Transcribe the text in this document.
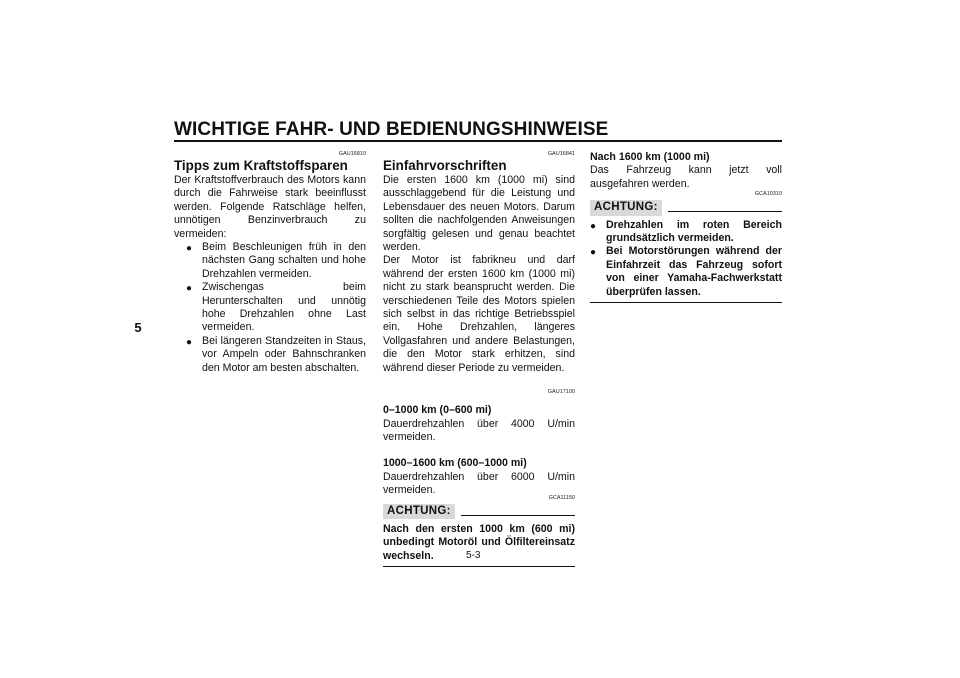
WICHTIGE FAHR- UND BEDIENUNGSHINWEISE
5
GAU16810
Tipps zum Kraftstoffsparen

Der Kraftstoffverbrauch des Motors kann durch die Fahrweise stark beeinflusst werden. Folgende Ratschläge helfen, unnötigen Benzinverbrauch zu vermeiden:

● Beim Beschleunigen früh in den nächsten Gang schalten und hohe Drehzahlen vermeiden.
● Zwischengas beim Herunterschalten und unnötig hohe Drehzahlen ohne Last vermeiden.
● Bei längeren Standzeiten in Staus, vor Ampeln oder Bahnschranken den Motor am besten abschalten.
GAU16841
Einfahrvorschriften

Die ersten 1600 km (1000 mi) sind ausschlaggebend für die Leistung und Lebensdauer des neuen Motors. Darum sollten die nachfolgenden Anweisungen sorgfältig gelesen und genau beachtet werden.

Der Motor ist fabrikneu und darf während der ersten 1600 km (1000 mi) nicht zu stark beansprucht werden. Die verschiedenen Teile des Motors spielen sich selbst in das richtige Betriebsspiel ein. Hohe Drehzahlen, längeres Vollgasfahren und andere Belastungen, die den Motor stark erhitzen, sind während dieser Periode zu vermeiden.

GAU17100

0–1000 km (0–600 mi)

Dauerdrehzahlen über 4000 U/min vermeiden.

1000–1600 km (600–1000 mi)

Dauerdrehzahlen über 6000 U/min vermeiden.

GCA11150
ACHTUNG:

Nach den ersten 1000 km (600 mi) unbedingt Motoröl und Ölfiltereinsatz wechseln.

Nach 1600 km (1000 mi)

Das Fahrzeug kann jetzt voll ausgefahren werden.

GCA10310
ACHTUNG:
● Drehzahlen im roten Bereich grundsätzlich vermeiden.
● Bei Motorstörungen während der Einfahrzeit das Fahrzeug sofort von einer Yamaha-Fachwerkstatt überprüfen lassen.
5-3
